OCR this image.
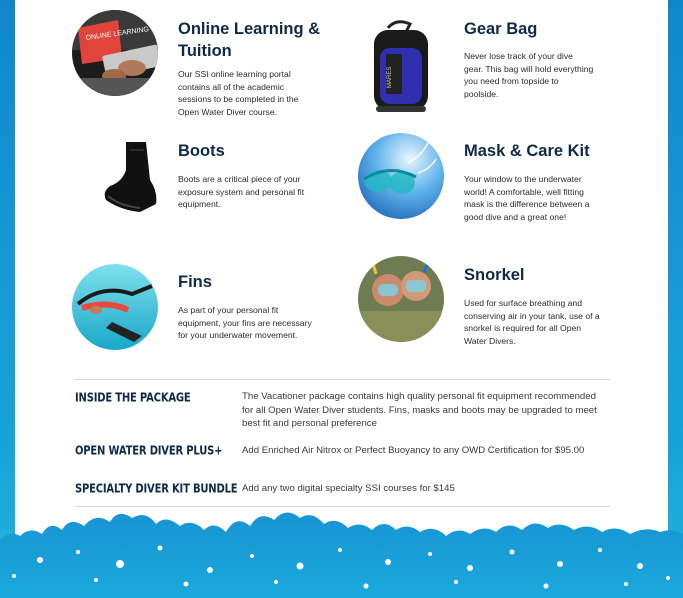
ONLINE LEARNING Online Learning & Tuition

Our SSI online learning portal contains all of the academic sessions to be completed in the Open Water Diver course.

MARES
Gear Bag

Never lose track of your dive gear. This bag will hold everything you need from topside to poolside.

Boots

Boots are a critical piece of your exposure system and personal fit equipment.

Mask & Care Kit

Your window to the underwater world! A comfortable, well fitting mask is the difference between a good dive and a great one!

Fins

As part of your personal fit equipment, your fins are necessary for your underwater movement.

Snorkel

Used for surface breathing and conserving air in your tank, use of a snorkel is required for all Open Water Divers.

INSIDE THE PACKAGE	The Vacationer package contains high quality personal fit equipment recommended for all Open Water Diver students. Fins, masks and boots may be upgraded to meet best fit and personal preference
OPEN WATER DIVER PLUS+ Add Enriched Air Nitrox or Perfect Buoyancy to any OWD Certification for $95.00
SPECIALTY DIVER KIT BUNDLE Add any two digital specialty SSI courses for $145
